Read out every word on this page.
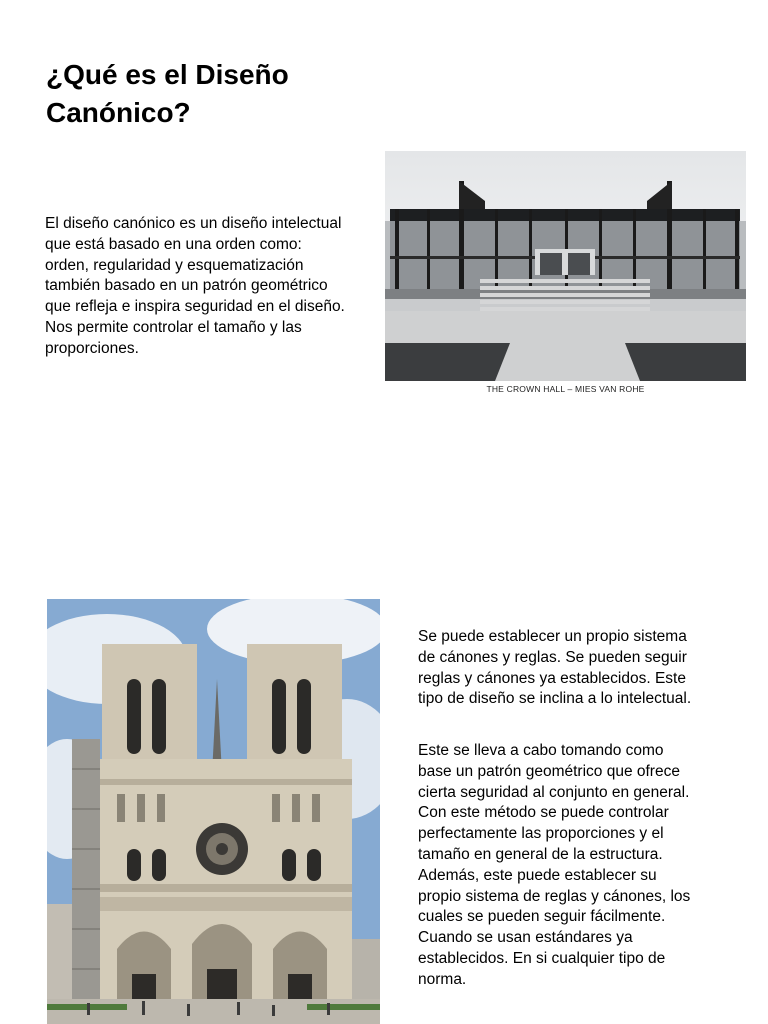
¿Qué es el Diseño Canónico?

El diseño canónico es un diseño intelectual
que está basado en una orden como:
orden, regularidad y esquematización
también basado en un patrón geométrico
que refleja e inspira seguridad en el diseño.
Nos permite controlar el tamaño y las
proporciones.

THE CROWN HALL – MIES VAN ROHE

Se puede establecer un propio sistema
de cánones y reglas. Se pueden seguir
reglas y cánones ya establecidos. Este
tipo de diseño se inclina a lo intelectual.

Este se lleva a cabo tomando como
base un patrón geométrico que ofrece
cierta seguridad al conjunto en general.
Con este método se puede controlar
perfectamente las proporciones y el
tamaño en general de la estructura.
Además, este puede establecer su
propio sistema de reglas y cánones, los
cuales se pueden seguir fácilmente.
Cuando se usan estándares ya
establecidos. En si cualquier tipo de
norma.
